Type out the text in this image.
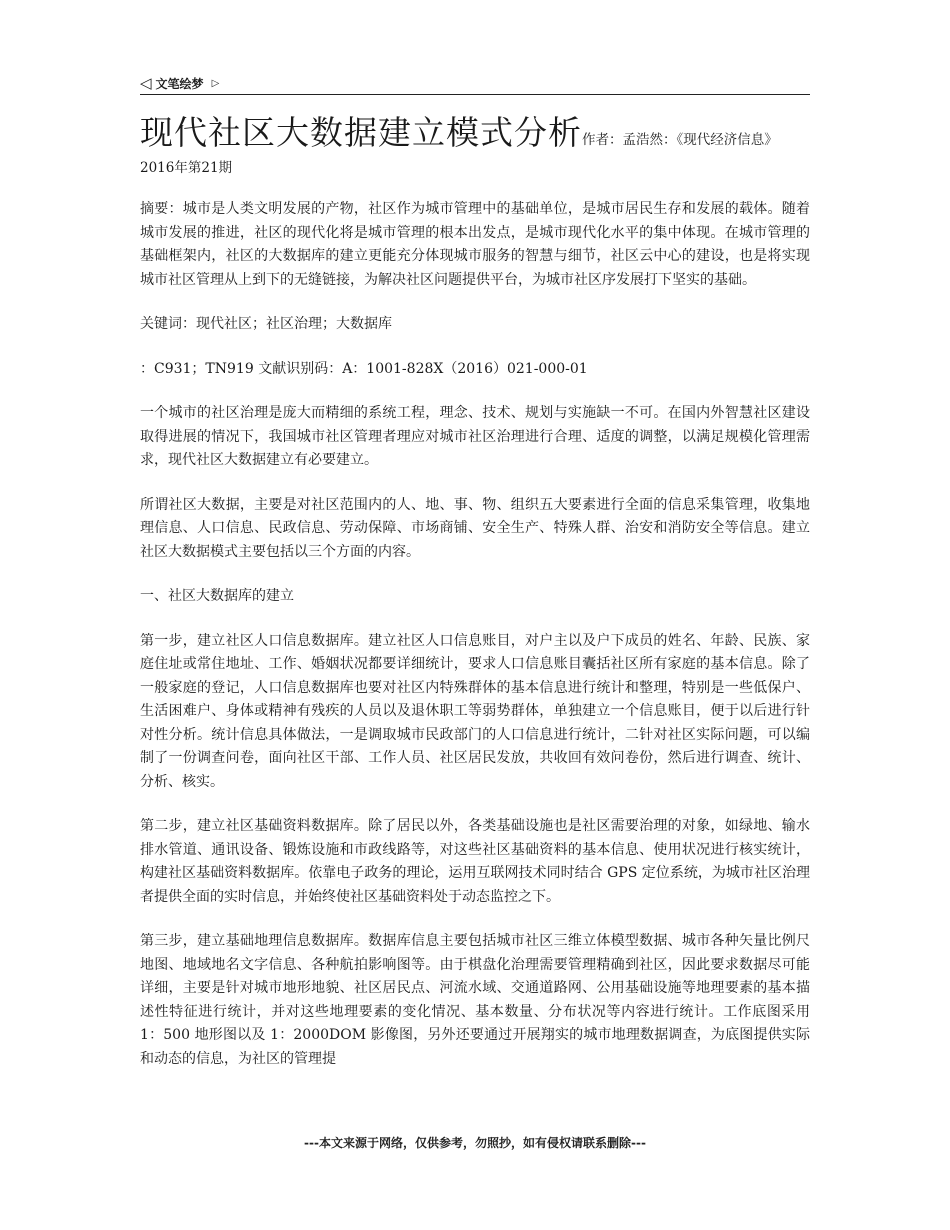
◁ 文笔绘梦 ▷
现代社区大数据建立模式分析作者：孟浩然：《现代经济信息》2016年第21期

摘要：城市是人类文明发展的产物，社区作为城市管理中的基础单位，是城市居民生存和发展的载体。随着城市发展的推进，社区的现代化将是城市管理的根本出发点，是城市现代化水平的集中体现。在城市管理的基础框架内，社区的大数据库的建立更能充分体现城市服务的智慧与细节，社区云中心的建设，也是将实现城市社区管理从上到下的无缝链接，为解决社区问题提供平台，为城市社区序发展打下坚实的基础。

关键词：现代社区；社区治理；大数据库

：C931；TN919 文献识别码：A：1001-828X（2016）021-000-01

一个城市的社区治理是庞大而精细的系统工程，理念、技术、规划与实施缺一不可。在国内外智慧社区建设取得进展的情况下，我国城市社区管理者理应对城市社区治理进行合理、适度的调整，以满足规模化管理需求，现代社区大数据建立有必要建立。

所谓社区大数据，主要是对社区范围内的人、地、事、物、组织五大要素进行全面的信息采集管理，收集地理信息、人口信息、民政信息、劳动保障、市场商铺、安全生产、特殊人群、治安和消防安全等信息。建立社区大数据模式主要包括以三个方面的内容。

一、社区大数据库的建立

第一步，建立社区人口信息数据库。建立社区人口信息账目，对户主以及户下成员的姓名、年龄、民族、家庭住址或常住地址、工作、婚姻状况都要详细统计，要求人口信息账目囊括社区所有家庭的基本信息。除了一般家庭的登记，人口信息数据库也要对社区内特殊群体的基本信息进行统计和整理，特别是一些低保户、生活困难户、身体或精神有残疾的人员以及退休职工等弱势群体，单独建立一个信息账目，便于以后进行针对性分析。统计信息具体做法，一是调取城市民政部门的人口信息进行统计，二针对社区实际问题，可以编制了一份调查问卷，面向社区干部、工作人员、社区居民发放，共收回有效问卷份，然后进行调查、统计、分析、核实。

第二步，建立社区基础资料数据库。除了居民以外，各类基础设施也是社区需要治理的对象，如绿地、输水排水管道、通讯设备、锻炼设施和市政线路等，对这些社区基础资料的基本信息、使用状况进行核实统计，构建社区基础资料数据库。依靠电子政务的理论，运用互联网技术同时结合 GPS 定位系统，为城市社区治理者提供全面的实时信息，并始终使社区基础资料处于动态监控之下。

第三步，建立基础地理信息数据库。数据库信息主要包括城市社区三维立体模型数据、城市各种矢量比例尺地图、地域地名文字信息、各种航拍影响图等。由于棋盘化治理需要管理精确到社区，因此要求数据尽可能详细，主要是针对城市地形地貌、社区居民点、河流水域、交通道路网、公用基础设施等地理要素的基本描述性特征进行统计，并对这些地理要素的变化情况、基本数量、分布状况等内容进行统计。工作底图采用 1：500 地形图以及 1：2000DOM 影像图，另外还要通过开展翔实的城市地理数据调查，为底图提供实际和动态的信息，为社区的管理提

---本文来源于网络，仅供参考，勿照抄，如有侵权请联系删除---
